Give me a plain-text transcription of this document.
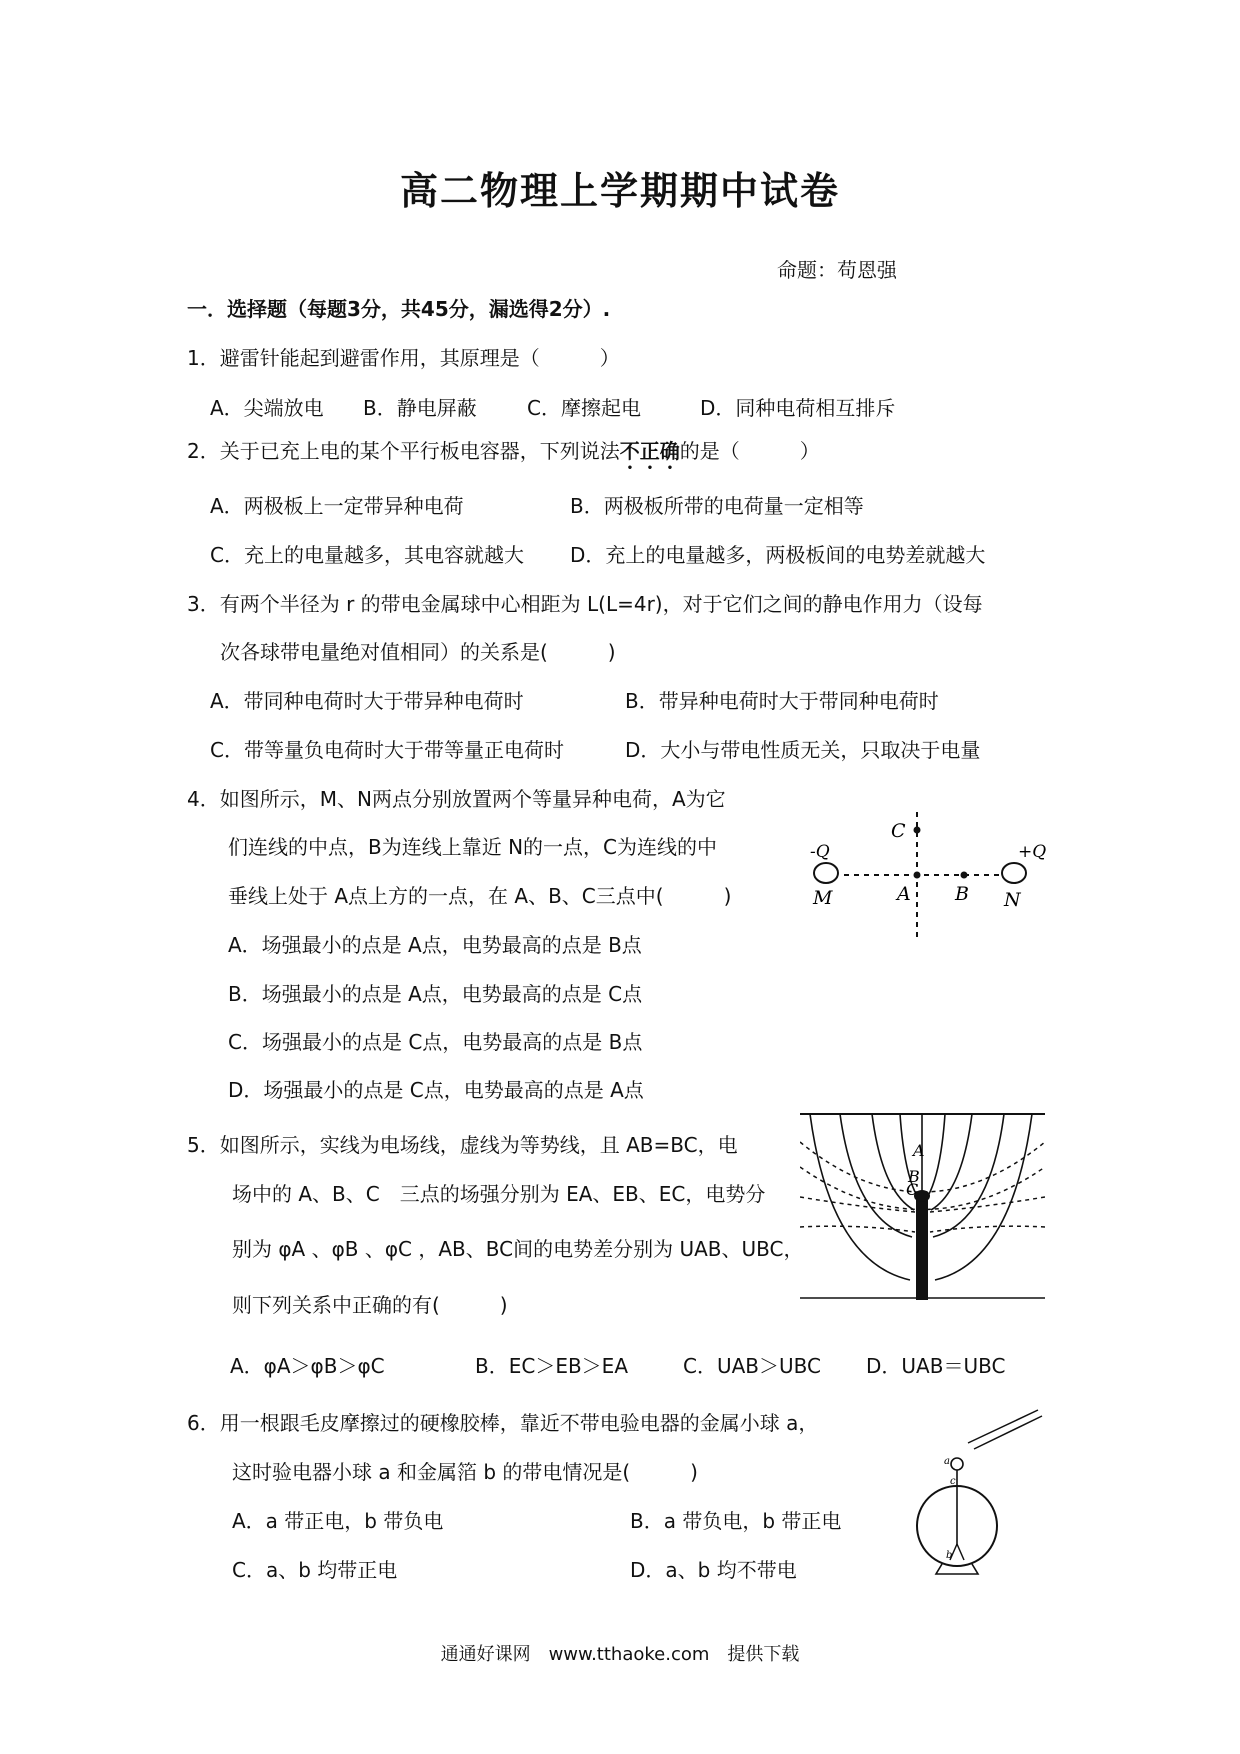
高二物理上学期期中试卷
命题：苟恩强
一．选择题（每题3分，共45分，漏选得2分）.
1．避雷针能起到避雷作用，其原理是（　　　）
A．尖端放电 B．静电屏蔽	C．摩擦起电	D．同种电荷相互排斥
2．关于已充上电的某个平行板电容器，下列说法不正确的是（　　　）
A．两极板上一定带异种电荷	B．两极板所带的电荷量一定相等
C．充上的电量越多，其电容就越大 D．充上的电量越多，两极板间的电势差就越大
3．有两个半径为 r 的带电金属球中心相距为 L(L=4r)，对于它们之间的静电作用力（设每
次各球带电量绝对值相同）的关系是(　　　)
A．带同种电荷时大于带异种电荷时	B．带异种电荷时大于带同种电荷时
C．带等量负电荷时大于带等量正电荷时	D．大小与带电性质无关，只取决于电量
4．如图所示，M、N两点分别放置两个等量异种电荷，A为它
们连线的中点，B为连线上靠近 N的一点，C为连线的中
垂线上处于 A点上方的一点，在 A、B、C三点中(　　　)
A．场强最小的点是 A点，电势最高的点是 B点
B．场强最小的点是 A点，电势最高的点是 C点
C．场强最小的点是 C点，电势最高的点是 B点
D．场强最小的点是 C点，电势最高的点是 A点
C
A B
M	N
-Q	+Q
5．如图所示，实线为电场线，虚线为等势线，且 AB=BC，电
场中的 A、B、C　三点的场强分别为 EA、EB、EC，电势分
别为 φA 、φB 、φC ，AB、BC间的电势差分别为 UAB、UBC，
则下列关系中正确的有(　　　)
A．φA＞φB＞φC	B．EC＞EB＞EA	C．UAB＞UBC D．UAB＝UBC
A
B
C
6．用一根跟毛皮摩擦过的硬橡胶棒，靠近不带电验电器的金属小球 a，
这时验电器小球 a 和金属箔 b 的带电情况是(　　　)
A．a 带正电，b 带负电	B．a 带负电，b 带正电
C．a、b 均带正电	D．a、b 均不带电
a
b
c
通通好课网　www.tthaoke.com　提供下载
